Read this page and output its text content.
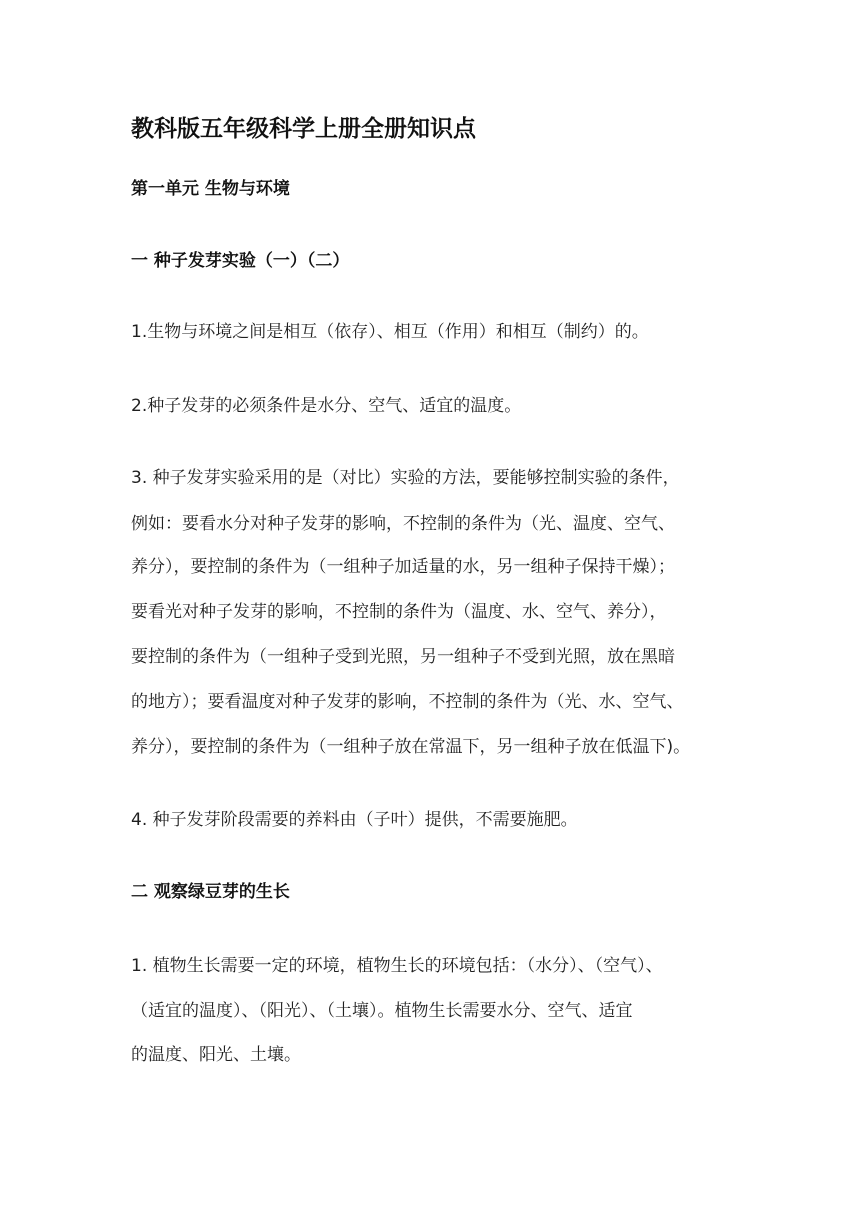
教科版五年级科学上册全册知识点
第一单元 生物与环境
一 种子发芽实验（一）（二）
1.生物与环境之间是相互（依存）、相互（作用）和相互（制约）的。
2.种子发芽的必须条件是水分、空气、适宜的温度。
3. 种子发芽实验采用的是（对比）实验的方法，要能够控制实验的条件，
例如：要看水分对种子发芽的影响，不控制的条件为（光、温度、空气、
养分），要控制的条件为（一组种子加适量的水，另一组种子保持干燥）；
要看光对种子发芽的影响，不控制的条件为（温度、水、空气、养分），
要控制的条件为（一组种子受到光照，另一组种子不受到光照，放在黑暗
的地方）；要看温度对种子发芽的影响，不控制的条件为（光、水、空气、
养分），要控制的条件为（一组种子放在常温下，另一组种子放在低温下)。
4. 种子发芽阶段需要的养料由（子叶）提供，不需要施肥。
二 观察绿豆芽的生长
1. 植物生长需要一定的环境，植物生长的环境包括：（水分）、（空气）、
（适宜的温度）、（阳光）、（土壤）。植物生长需要水分、空气、适宜
的温度、阳光、土壤。
